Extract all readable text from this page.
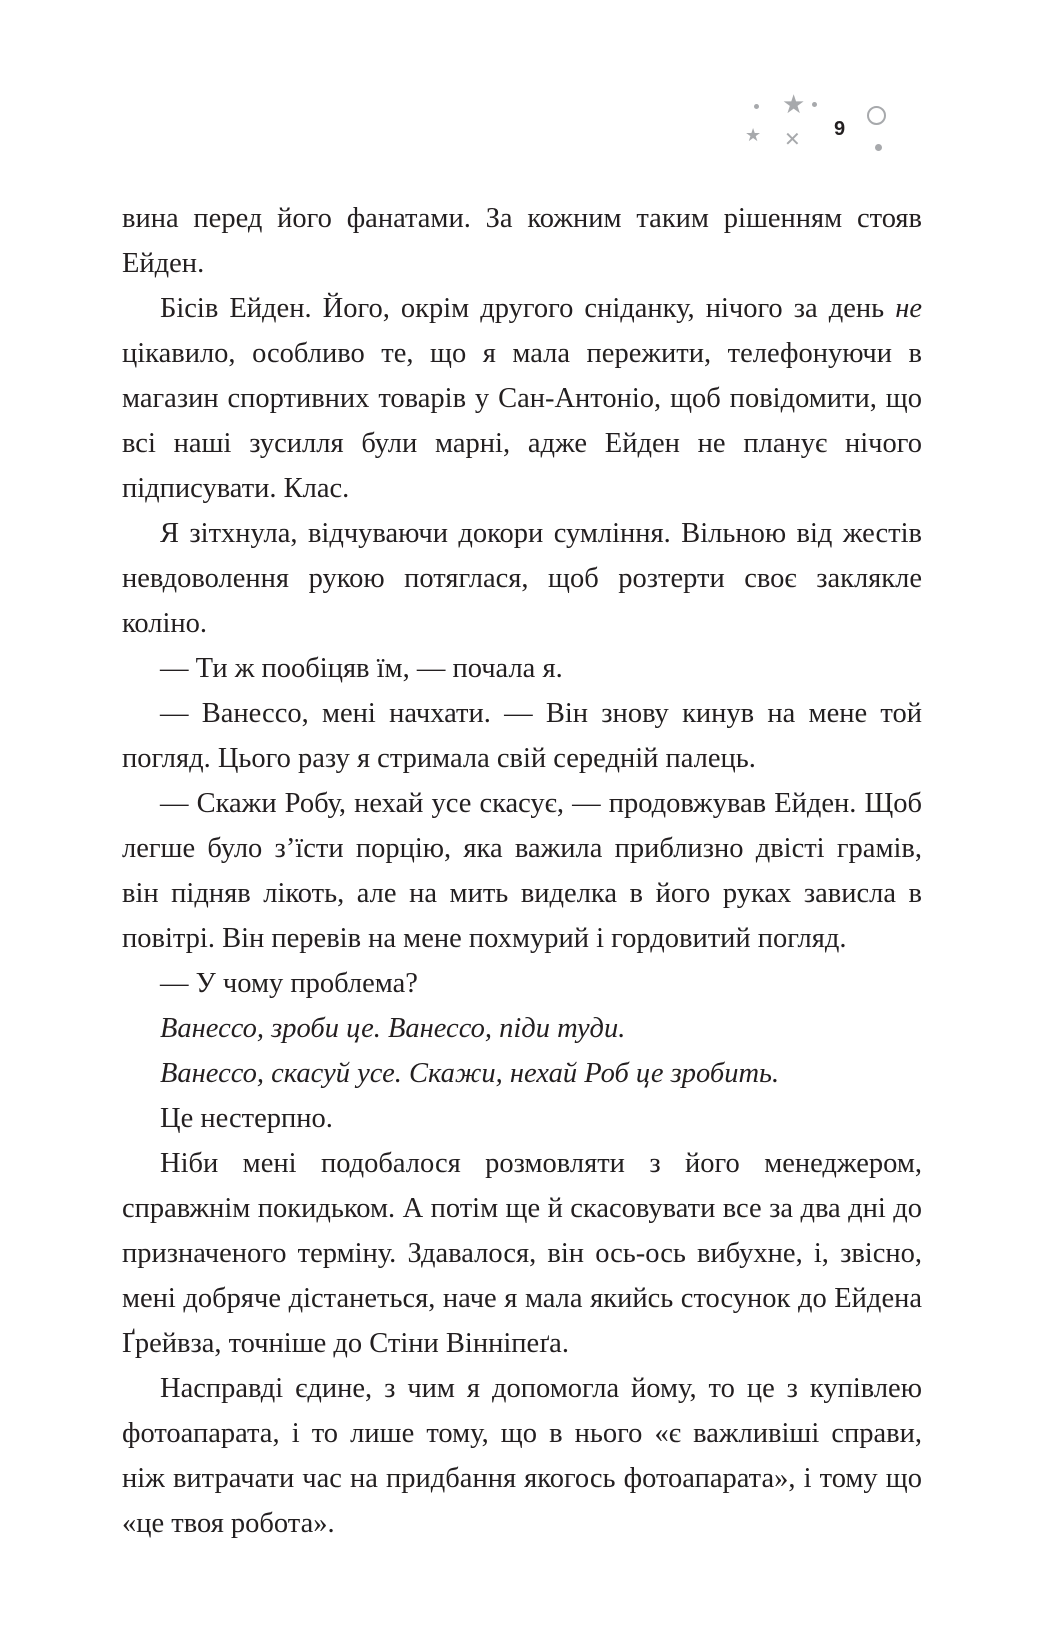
★
★ ✕ 9

вина перед його фанатами. За кожним таким рішенням стояв Ейден.

Бісів Ейден. Його, окрім другого сніданку, нічого за день не цікавило, особливо те, що я мала пережити, телефонуючи в магазин спортивних товарів у Сан-Антоніо, щоб повідомити, що всі наші зусилля були марні, адже Ейден не планує нічого підписувати. Клас.

Я зітхнула, відчуваючи докори сумління. Вільною від жестів невдоволення рукою потяглася, щоб розтерти своє заклякле коліно.

— Ти ж пообіцяв їм, — почала я.

— Ванессо, мені начхати. — Він знову кинув на мене той погляд. Цього разу я стримала свій середній палець.

— Скажи Робу, нехай усе скасує, — продовжував Ейден. Щоб легше було з’їсти порцію, яка важила приблизно двісті грамів, він підняв лікоть, але на мить виделка в його руках зависла в повітрі. Він перевів на мене похмурий і гордовитий погляд.

— У чому проблема?

Ванессо, зроби це. Ванессо, піди туди.

Ванессо, скасуй усе. Скажи, нехай Роб це зробить.

Це нестерпно.

Ніби мені подобалося розмовляти з його менеджером, справжнім покидьком. А потім ще й скасовувати все за два дні до призначеного терміну. Здавалося, він ось-ось вибухне, і, звісно, мені добряче дістанеться, наче я мала якийсь стосунок до Ейдена Ґрейвза, точніше до Стіни Вінніпеґа.

Насправді єдине, з чим я допомогла йому, то це з купівлею фотоапарата, і то лише тому, що в нього «є важливіші справи, ніж витрачати час на придбання якогось фотоапарата», і тому що «це твоя робота».
